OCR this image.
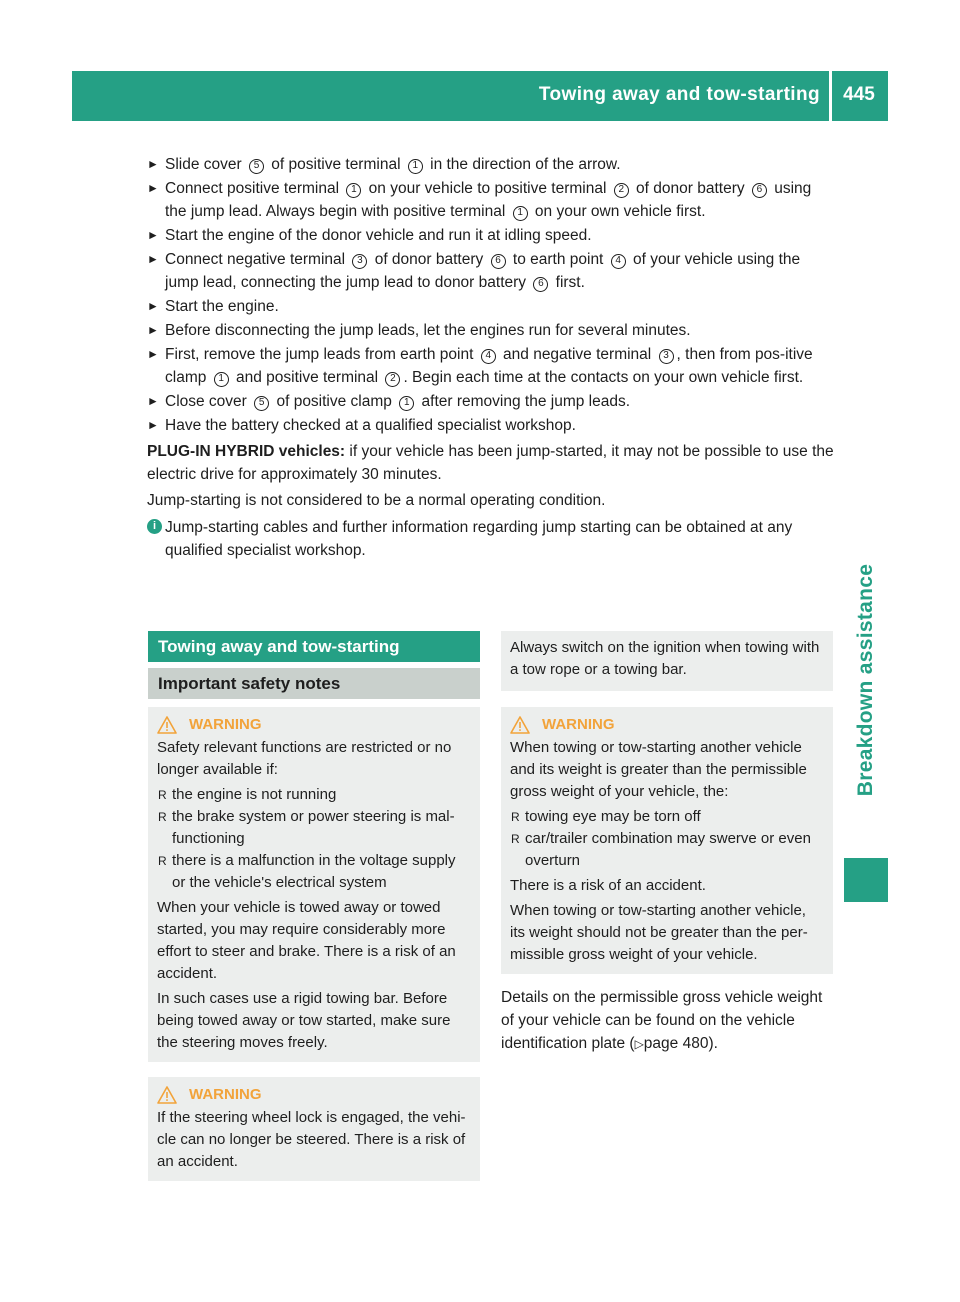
Towing away and tow-starting	445
Breakdown assistance
► Slide cover 5 of positive terminal 1 in the direction of the arrow.
► Connect positive terminal 1 on your vehicle to positive terminal 2 of donor battery 6 using the jump lead. Always begin with positive terminal 1 on your own vehicle first.
► Start the engine of the donor vehicle and run it at idling speed.
► Connect negative terminal 3 of donor battery 6 to earth point 4 of your vehicle using the jump lead, connecting the jump lead to donor battery 6 first.
► Start the engine.
► Before disconnecting the jump leads, let the engines run for several minutes.
► First, remove the jump leads from earth point 4 and negative terminal 3 , then from pos-itive clamp 1 and positive terminal 2 . Begin each time at the contacts on your own vehicle first.
► Close cover 5 of positive clamp 1 after removing the jump leads.
► Have the battery checked at a qualified specialist workshop.

PLUG-IN HYBRID vehicles: if your vehicle has been jump-started, it may not be possible to use the electric drive for approximately 30 minutes.

Jump-starting is not considered to be a normal operating condition.

i Jump-starting cables and further information regarding jump starting can be obtained at any qualified specialist workshop.
Towing away and tow-starting
Important safety notes
WARNING

Safety relevant functions are restricted or no longer available if:

R the engine is not running
R the brake system or power steering is mal-functioning
R there is a malfunction in the voltage supply or the vehicle's electrical system

When your vehicle is towed away or towed started, you may require considerably more effort to steer and brake. There is a risk of an accident.

In such cases use a rigid towing bar. Before being towed away or tow started, make sure the steering moves freely.

WARNING

If the steering wheel lock is engaged, the vehi-cle can no longer be steered. There is a risk of an accident.

Always switch on the ignition when towing with a tow rope or a towing bar.

WARNING

When towing or tow-starting another vehicle and its weight is greater than the permissible gross weight of your vehicle, the:

R towing eye may be torn off
R car/trailer combination may swerve or even overturn

There is a risk of an accident.

When towing or tow-starting another vehicle, its weight should not be greater than the per-missible gross weight of your vehicle.

Details on the permissible gross vehicle weight of your vehicle can be found on the vehicle identification plate (▷page 480).
